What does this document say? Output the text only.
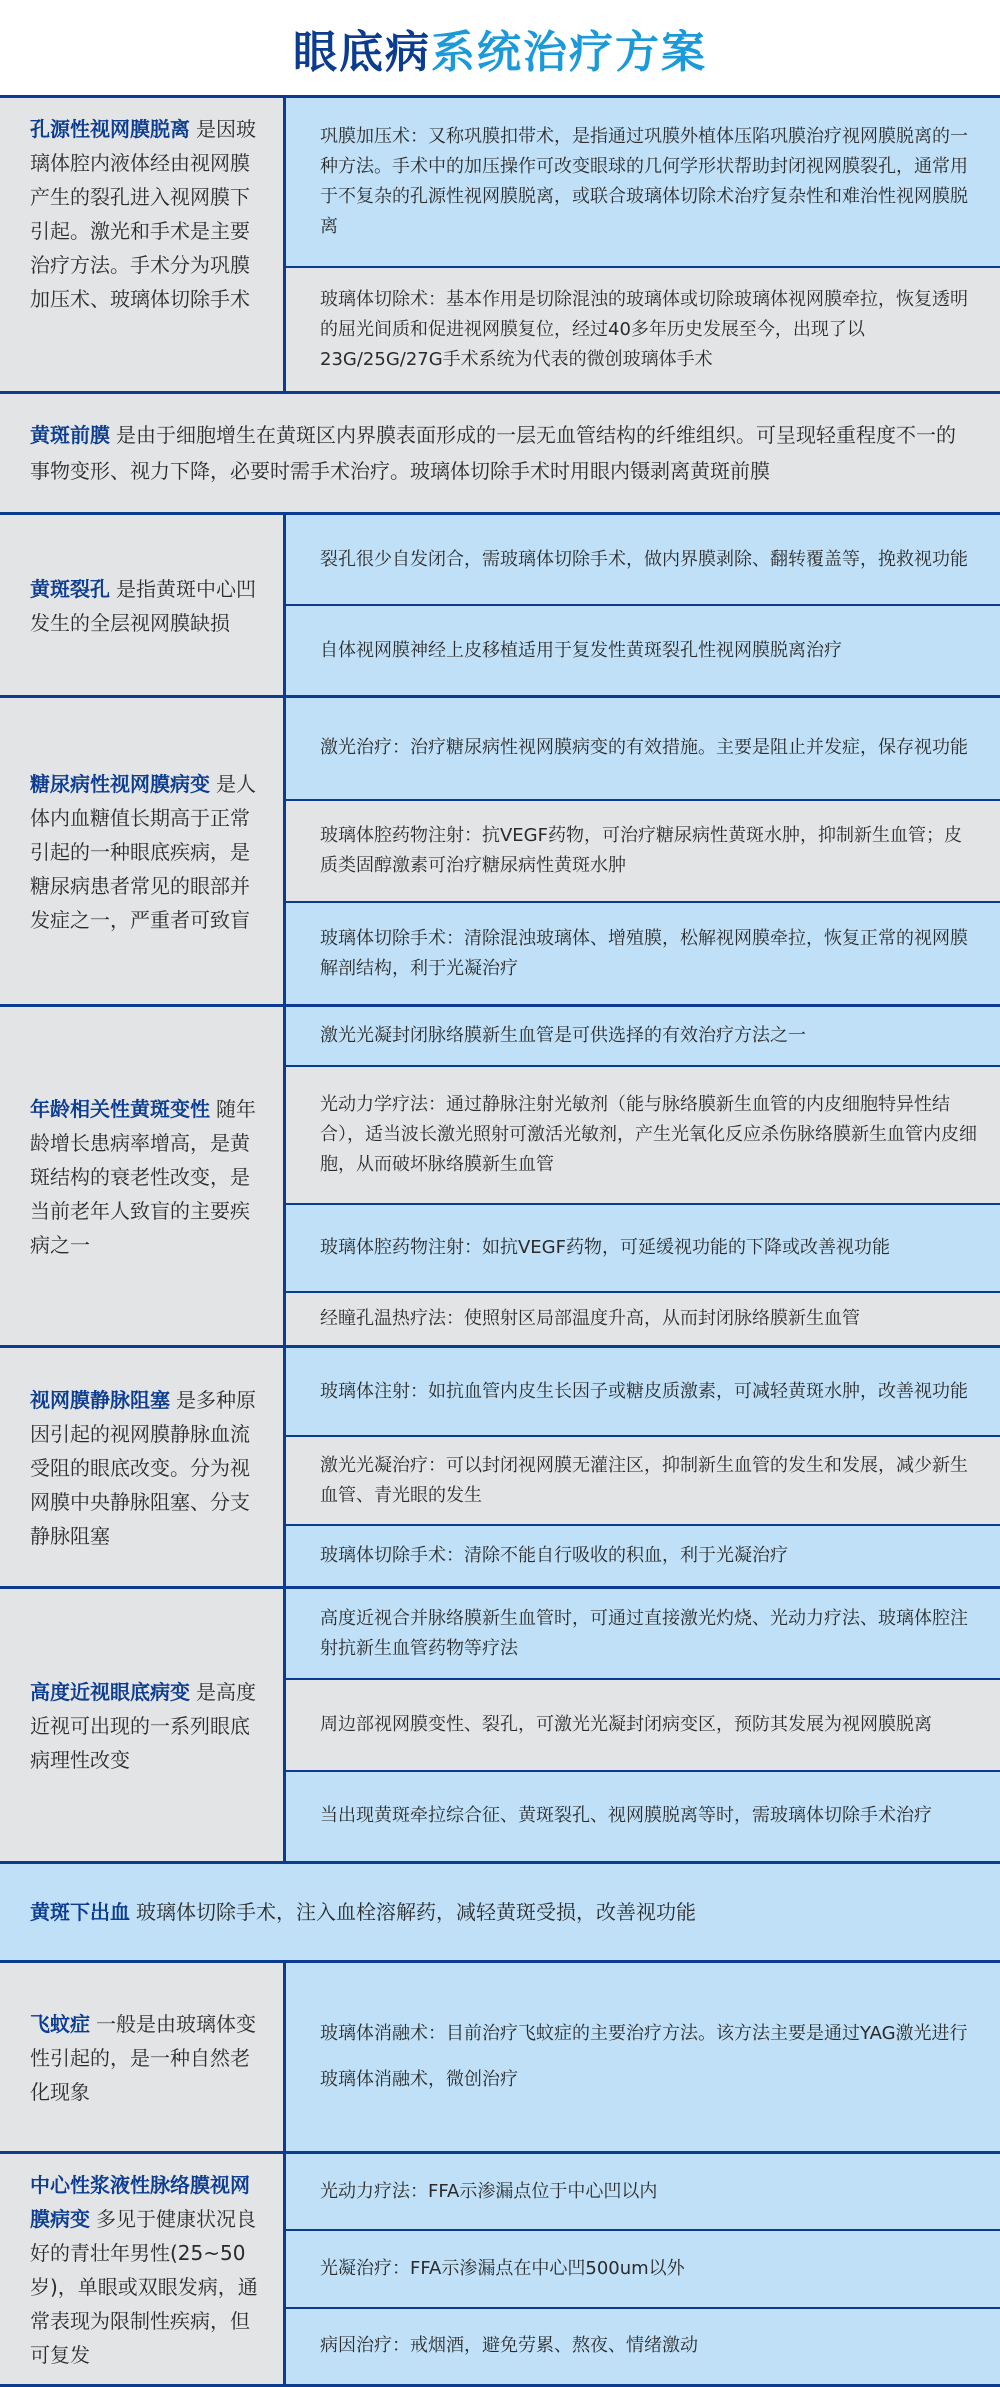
眼底病系统治疗方案

孔源性视网膜脱离 是因玻璃体腔内液体经由视网膜产生的裂孔进入视网膜下引起。激光和手术是主要治疗方法。手术分为巩膜加压术、玻璃体切除手术

巩膜加压术：又称巩膜扣带术，是指通过巩膜外植体压陷巩膜治疗视网膜脱离的一种方法。手术中的加压操作可改变眼球的几何学形状帮助封闭视网膜裂孔，通常用于不复杂的孔源性视网膜脱离，或联合玻璃体切除术治疗复杂性和难治性视网膜脱离
玻璃体切除术：基本作用是切除混浊的玻璃体或切除玻璃体视网膜牵拉，恢复透明的屈光间质和促进视网膜复位，经过40多年历史发展至今，出现了以23G/25G/27G手术系统为代表的微创玻璃体手术

黄斑前膜 是由于细胞增生在黄斑区内界膜表面形成的一层无血管结构的纤维组织。可呈现轻重程度不一的事物变形、视力下降，必要时需手术治疗。玻璃体切除手术时用眼内镊剥离黄斑前膜

黄斑裂孔 是指黄斑中心凹发生的全层视网膜缺损

裂孔很少自发闭合，需玻璃体切除手术，做内界膜剥除、翻转覆盖等，挽救视功能
自体视网膜神经上皮移植适用于复发性黄斑裂孔性视网膜脱离治疗

糖尿病性视网膜病变 是人体内血糖值长期高于正常引起的一种眼底疾病，是糖尿病患者常见的眼部并发症之一，严重者可致盲

激光治疗：治疗糖尿病性视网膜病变的有效措施。主要是阻止并发症，保存视功能
玻璃体腔药物注射：抗VEGF药物，可治疗糖尿病性黄斑水肿，抑制新生血管；皮质类固醇激素可治疗糖尿病性黄斑水肿
玻璃体切除手术：清除混浊玻璃体、增殖膜，松解视网膜牵拉，恢复正常的视网膜解剖结构，利于光凝治疗

年龄相关性黄斑变性 随年龄增长患病率增高，是黄斑结构的衰老性改变，是当前老年人致盲的主要疾病之一

激光光凝封闭脉络膜新生血管是可供选择的有效治疗方法之一
光动力学疗法：通过静脉注射光敏剂（能与脉络膜新生血管的内皮细胞特异性结合），适当波长激光照射可激活光敏剂，产生光氧化反应杀伤脉络膜新生血管内皮细胞，从而破坏脉络膜新生血管
玻璃体腔药物注射：如抗VEGF药物，可延缓视功能的下降或改善视功能
经瞳孔温热疗法：使照射区局部温度升高，从而封闭脉络膜新生血管

视网膜静脉阻塞 是多种原因引起的视网膜静脉血流受阻的眼底改变。分为视网膜中央静脉阻塞、分支静脉阻塞

玻璃体注射：如抗血管内皮生长因子或糖皮质激素，可减轻黄斑水肿，改善视功能
激光光凝治疗：可以封闭视网膜无灌注区，抑制新生血管的发生和发展，减少新生血管、青光眼的发生
玻璃体切除手术：清除不能自行吸收的积血，利于光凝治疗

高度近视眼底病变 是高度近视可出现的一系列眼底病理性改变

高度近视合并脉络膜新生血管时，可通过直接激光灼烧、光动力疗法、玻璃体腔注射抗新生血管药物等疗法
周边部视网膜变性、裂孔，可激光光凝封闭病变区，预防其发展为视网膜脱离
当出现黄斑牵拉综合征、黄斑裂孔、视网膜脱离等时，需玻璃体切除手术治疗

黄斑下出血 玻璃体切除手术，注入血栓溶解药，减轻黄斑受损，改善视功能

飞蚊症 一般是由玻璃体变性引起的，是一种自然老化现象

玻璃体消融术：目前治疗飞蚊症的主要治疗方法。该方法主要是通过YAG激光进行玻璃体消融术，微创治疗

中心性浆液性脉络膜视网膜病变 多见于健康状况良好的青壮年男性(25~50岁)，单眼或双眼发病，通常表现为限制性疾病，但可复发

光动力疗法：FFA示渗漏点位于中心凹以内
光凝治疗：FFA示渗漏点在中心凹500um以外
病因治疗：戒烟酒，避免劳累、熬夜、情绪激动
